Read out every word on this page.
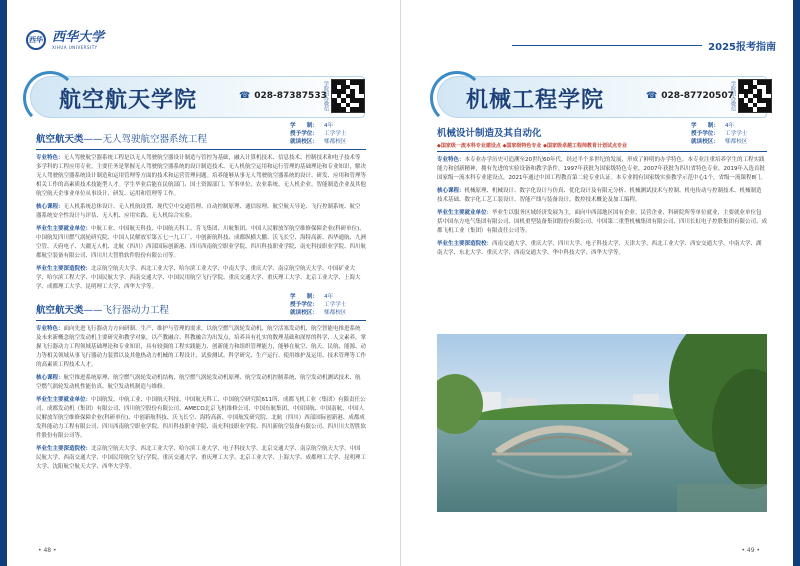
西华 西华大学
XIHUA UNIVERSITY
航空航天学院	☎ 028-87387533
学院招办微信
航空航天类——无人驾驶航空器系统工程
学　　制： 4年
授予学位： 工学学士
就读校区： 郫都校区

专业特色：无人驾驶航空器系统工程是以无人驾驶航空器设计制造与管控为基础，融入计算机技术、信息技术、控制技术和电子技术等多学科的工程应用专业。主要任务是掌握无人驾驶航空器系统的设计制造技术、无人机航空运用和运行管理的基础理论和专业知识，解决无人驾驶航空器系统设计制造和运用管理等方面的技术和运营管理问题。培养能够从事无人驾驶航空器系统的设计、研发、应用和管理等相关工作的高素质技术技能型人才。学生毕业后能在民航部门、国土资源部门、军事单位、农业系统、无人机企业、智能制造企业及其他航空航天企事业单位从事设计、研发、运用和管理等工作。

核心课程：无人机系统总体设计、无人机航设置、现代空中交通管理、自动控制原理、通信原理、航空航天导论、飞行控制系统、航空器系统安全性设计与评估、无人机、应用实践、无人机综合实验。

毕业生主要就业单位：中航工业、中国航天科技、中国航天科工、肯飞集团、川航集团、中国人民解放军航空维修保障企业(科研单位)、中国航发四川燃气涡轮研究院、中国人民解放军第五七一九工厂、中创新航科技、成都纵横大鹏、沃飞长空、海特高新、西华通航、九洲空管、天府电子、大疆无人机、北航（四川）西部国际创新港、四川西南航空职业学院、四川科技职业学院、南充科技职业学院、四川航都航空装备有限公司、四川川大智胜软件股份有限公司等。

毕业生主要深造院校：北京航空航天大学、西北工业大学、哈尔滨工业大学、中南大学、重庆大学、南京航空航天大学、中国矿业大学、哈尔滨工程大学、中国民航大学、西南交通大学、中国民用航空飞行学院、重庆交通大学、重庆理工大学、北京工业大学、上海大学、成都理工大学、昆明理工大学、西华大学等。

航空航天类——飞行器动力工程
学　　制： 4年
授予学位： 工学学士
就读校区： 郫都校区

专业特色：面向先进飞行器动力方向研制、生产、维护与管理的需求，以航空燃气涡轮发动机、航空活塞发动机、航空智能电推进系统及未来新概念航空发动机主要研究和教学对象，以产教融合、科教融合为出发点，培养具有扎实的数理基础和深厚的科学、人文素养，掌握飞行器动力工程领域基础理论和专业知识，具有较强的工程实践能力、创新能力和组织管理能力，能够在航空、航天、民航、能源、动力等相关领域从事飞行器动力装置以及其他热动力机械的工程设计、试验测试、科学研究、生产运行、使用维护及运用、技术管理等工作的高素质工程技术人才。

核心课程：航空推进系统原理、航空燃气涡轮发动机结构、航空燃气涡轮发动机原理、航空发动机控制系统、航空发动机测试技术、航空燃气涡轮发动机性能仿真、航空发动机制造与维修。

毕业生主要就业单位：中国航发、中航工业、中国航天科技、中国航天科工、中国航空研究院611所、成都飞机工业（集团）有限责任公司、成都发动机（集团）有限公司、四川航空股份有限公司、AMECO北京飞机维修公司、中国东航集团、中国国航、中国南航、中国人民解放军航空维修保障企业(科研单位)、中创新航科技、沃飞长空、海特高新、中国航发研究院、北航（四川）西部国际创新港、成都成发科能动力工程有限公司、四川西南航空职业学院、四川科技职业学院、南充科技职业学院、四川新航空装备有限公司、四川川大智胜软件股份有限公司等。

毕业生主要深造院校：北京航空航天大学、西北工业大学、哈尔滨工业大学、电子科技大学、北京交通大学、南京航空航天大学、中国民航大学、西南交通大学、中国民用航空飞行学院、重庆交通大学、重庆理工大学、北京工业大学、上海大学、成都理工大学、昆明理工大学、沈阳航空航天大学、西华大学等。

• 48 •
2025报考指南
机械工程学院	☎ 028-87720507
学院招办微信
机械设计制造及其自动化
◆国家级一流本科专业建设点 ◆国家级特色专业 ◆国家级卓越工程师教育计划试点专业
学　　制： 4年
授予学位： 工学学士
就读校区： 郫都校区

专业特色：本专业办学历史可追溯至20世纪60年代，经过半个多世纪的发展，形成了鲜明的办学特色。本专业注重培养学生的工程实践能力和创新精神，拥有先进的实验设备和教学条件。1997年获批为国家级特色专业，2007年获批为四川省特色专业，2019年入选首批国家级一流本科专业建设点，2021年通过中国工程教育第二轮专业认证。本专业拥有国家级实验教学示范中心1个，省级一流课程8门。

核心课程：机械原理、机械设计、数字化设计与仿真、优化设计及有限元分析、机械测试技术与控制、机电传动与控制技术、机械制造技术基础、数字化工艺工装设计、智能产线与装备设计、数控技术概论及加工编程。

毕业生主要就业单位：毕业生以服务区域经济发展为主，面向中西部地区国有企业、民营企业、科研院所等单位就业，主要就业单位包括中国东方电气集团有限公司、国机重型装备集团股份有限公司、中国第二重型机械集团有限公司、四川长虹电子控股集团有限公司、成都飞机工业（集团）有限责任公司等。

毕业生主要深造院校：西南交通大学、重庆大学、四川大学、电子科技大学、天津大学、西北工业大学、西安交通大学、中南大学、湖南大学、东北大学、重庆大学、西南交通大学、华中科技大学、西华大学等。

• 49 •
